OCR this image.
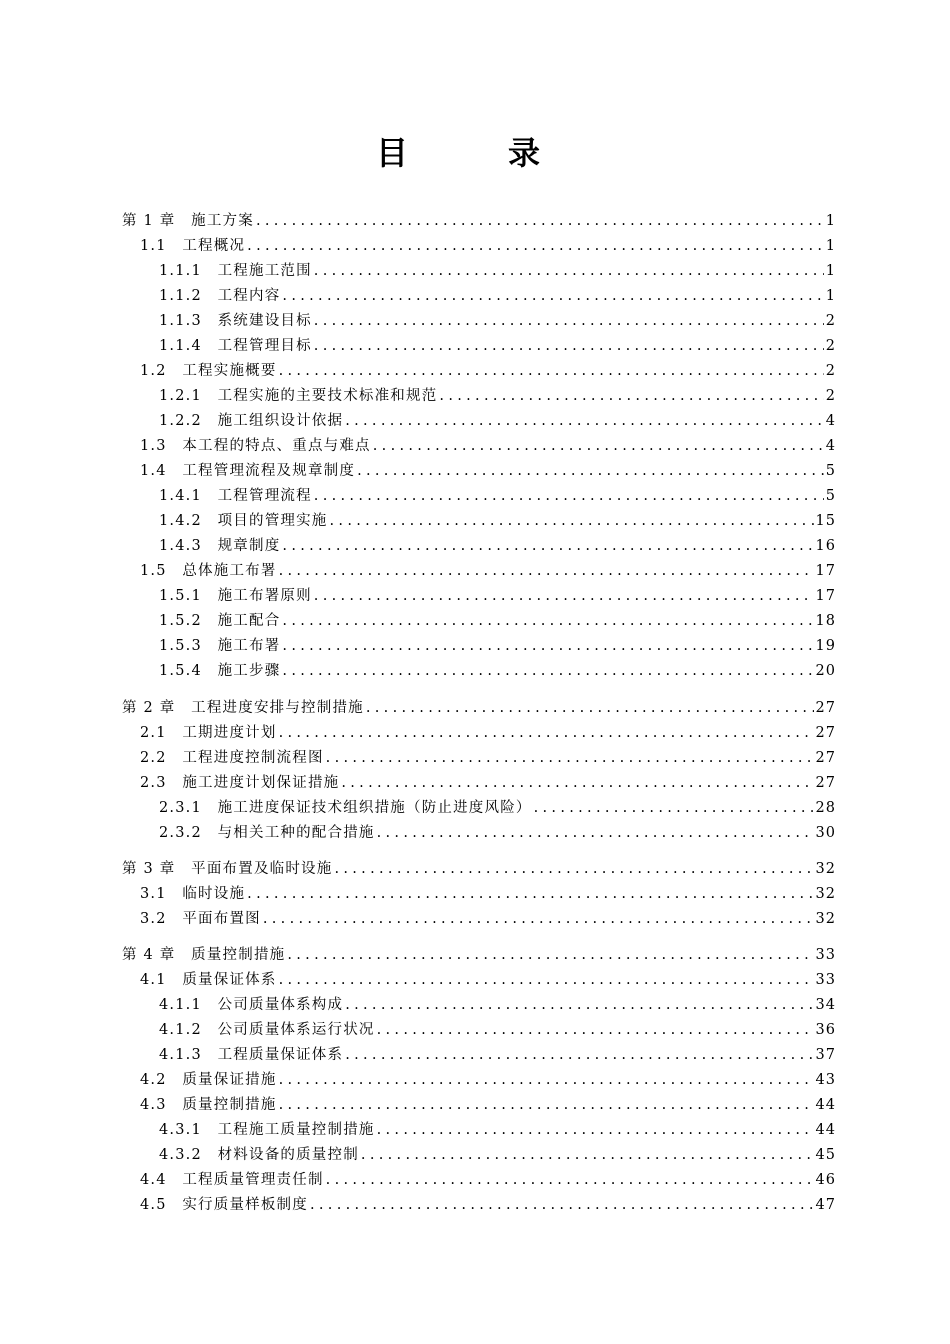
目　录
第 1 章　施工方案 .....	1
1.1　工程概况 .....	1
1.1.1　工程施工范围 .....	1
1.1.2　工程内容 .....	1
1.1.3　系统建设目标 .....	2
1.1.4　工程管理目标 .....	2
1.2　工程实施概要 .....	2
1.2.1　工程实施的主要技术标准和规范 .....	2
1.2.2　施工组织设计依据 .....	4
1.3　本工程的特点、重点与难点 .....	4
1.4　工程管理流程及规章制度 .....	5
1.4.1　工程管理流程 .....	5
1.4.2　项目的管理实施 .....	15
1.4.3　规章制度 .....	16
1.5　总体施工布署 .....	17
1.5.1　施工布署原则 .....	17
1.5.2　施工配合 .....	18
1.5.3　施工布署 .....	19
1.5.4　施工步骤 .....	20
第 2 章　工程进度安排与控制措施 .....	27
2.1　工期进度计划 .....	27
2.2　工程进度控制流程图 .....	27
2.3　施工进度计划保证措施 .....	27
2.3.1　施工进度保证技术组织措施（防止进度风险） .....	28
2.3.2　与相关工种的配合措施 .....	30
第 3 章　平面布置及临时设施 .....	32
3.1　临时设施 .....	32
3.2　平面布置图 .....	32
第 4 章　质量控制措施 .....	33
4.1　质量保证体系 .....	33
4.1.1　公司质量体系构成 .....	34
4.1.2　公司质量体系运行状况 .....	36
4.1.3　工程质量保证体系 .....	37
4.2　质量保证措施 .....	43
4.3　质量控制措施 .....	44
4.3.1　工程施工质量控制措施 .....	44
4.3.2　材料设备的质量控制 .....	45
4.4　工程质量管理责任制 .....	46
4.5　实行质量样板制度 .....	47
